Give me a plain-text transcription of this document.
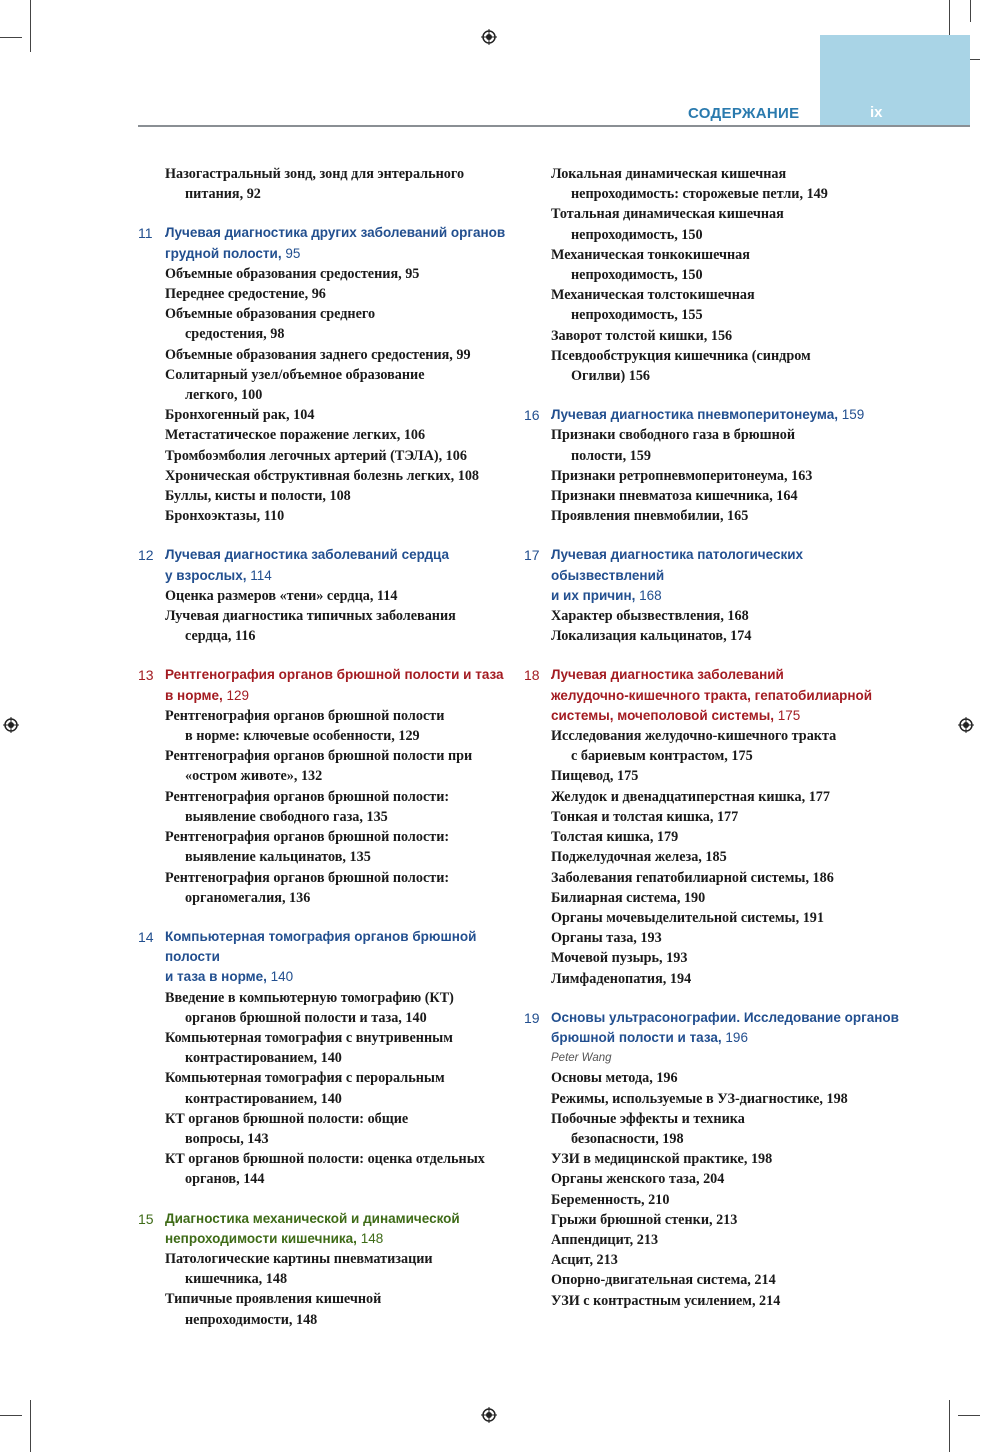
СОДЕРЖАНИЕ	ix
Назогастральный зонд, зонд для энтерального
питания, 92
11 Лучевая диагностика других заболеваний органов
грудной полости, 95
Объемные образования средостения, 95
Переднее средостение, 96
Объемные образования среднего
средостения, 98
Объемные образования заднего средостения, 99
Солитарный узел/объемное образование
легкого, 100
Бронхогенный рак, 104
Метастатическое поражение легких, 106
Тромбоэмболия легочных артерий (ТЭЛА), 106
Хроническая обструктивная болезнь легких, 108
Буллы, кисты и полости, 108
Бронхоэктазы, 110
12 Лучевая диагностика заболеваний сердца
у взрослых, 114
Оценка размеров «тени» сердца, 114
Лучевая диагностика типичных заболевания
сердца, 116
13 Рентгенография органов брюшной полости и таза
в норме, 129
Рентгенография органов брюшной полости
в норме: ключевые особенности, 129
Рентгенография органов брюшной полости при
«остром животе», 132
Рентгенография органов брюшной полости:
выявление свободного газа, 135
Рентгенография органов брюшной полости:
выявление кальцинатов, 135
Рентгенография органов брюшной полости:
органомегалия, 136
14 Компьютерная томография органов брюшной полости
и таза в норме, 140
Введение в компьютерную томографию (КТ)
органов брюшной полости и таза, 140
Компьютерная томография с внутривенным
контрастированием, 140
Компьютерная томография с пероральным
контрастированием, 140
КТ органов брюшной полости: общие
вопросы, 143
КТ органов брюшной полости: оценка отдельных
органов, 144
15 Диагностика механической и динамической
непроходимости кишечника, 148
Патологические картины пневматизации
кишечника, 148
Типичные проявления кишечной
непроходимости, 148
Локальная динамическая кишечная
непроходимость: сторожевые петли, 149
Тотальная динамическая кишечная
непроходимость, 150
Механическая тонкокишечная
непроходимость, 150
Механическая толстокишечная
непроходимость, 155
Заворот толстой кишки, 156
Псевдообструкция кишечника (синдром
Огилви) 156
16 Лучевая диагностика пневмоперитонеума, 159
Признаки свободного газа в брюшной
полости, 159
Признаки ретропневмоперитонеума, 163
Признаки пневматоза кишечника, 164
Проявления пневмобилии, 165
17 Лучевая диагностика патологических обызвествлений
и их причин, 168
Характер обызвествления, 168
Локализация кальцинатов, 174
18 Лучевая диагностика заболеваний
желудочно-кишечного тракта, гепатобилиарной
системы, мочеполовой системы, 175
Исследования желудочно-кишечного тракта
с бариевым контрастом, 175
Пищевод, 175
Желудок и двенадцатиперстная кишка, 177
Тонкая и толстая кишка, 177
Толстая кишка, 179
Поджелудочная железа, 185
Заболевания гепатобилиарной системы, 186
Билиарная система, 190
Органы мочевыделительной системы, 191
Органы таза, 193
Мочевой пузырь, 193
Лимфаденопатия, 194
19 Основы ультрасонографии. Исследование органов
брюшной полости и таза, 196
Peter Wang
Основы метода, 196
Режимы, используемые в УЗ-диагностике, 198
Побочные эффекты и техника
безопасности, 198
УЗИ в медицинской практике, 198
Органы женского таза, 204
Беременность, 210
Грыжи брюшной стенки, 213
Аппендицит, 213
Асцит, 213
Опорно-двигательная система, 214
УЗИ с контрастным усилением, 214
